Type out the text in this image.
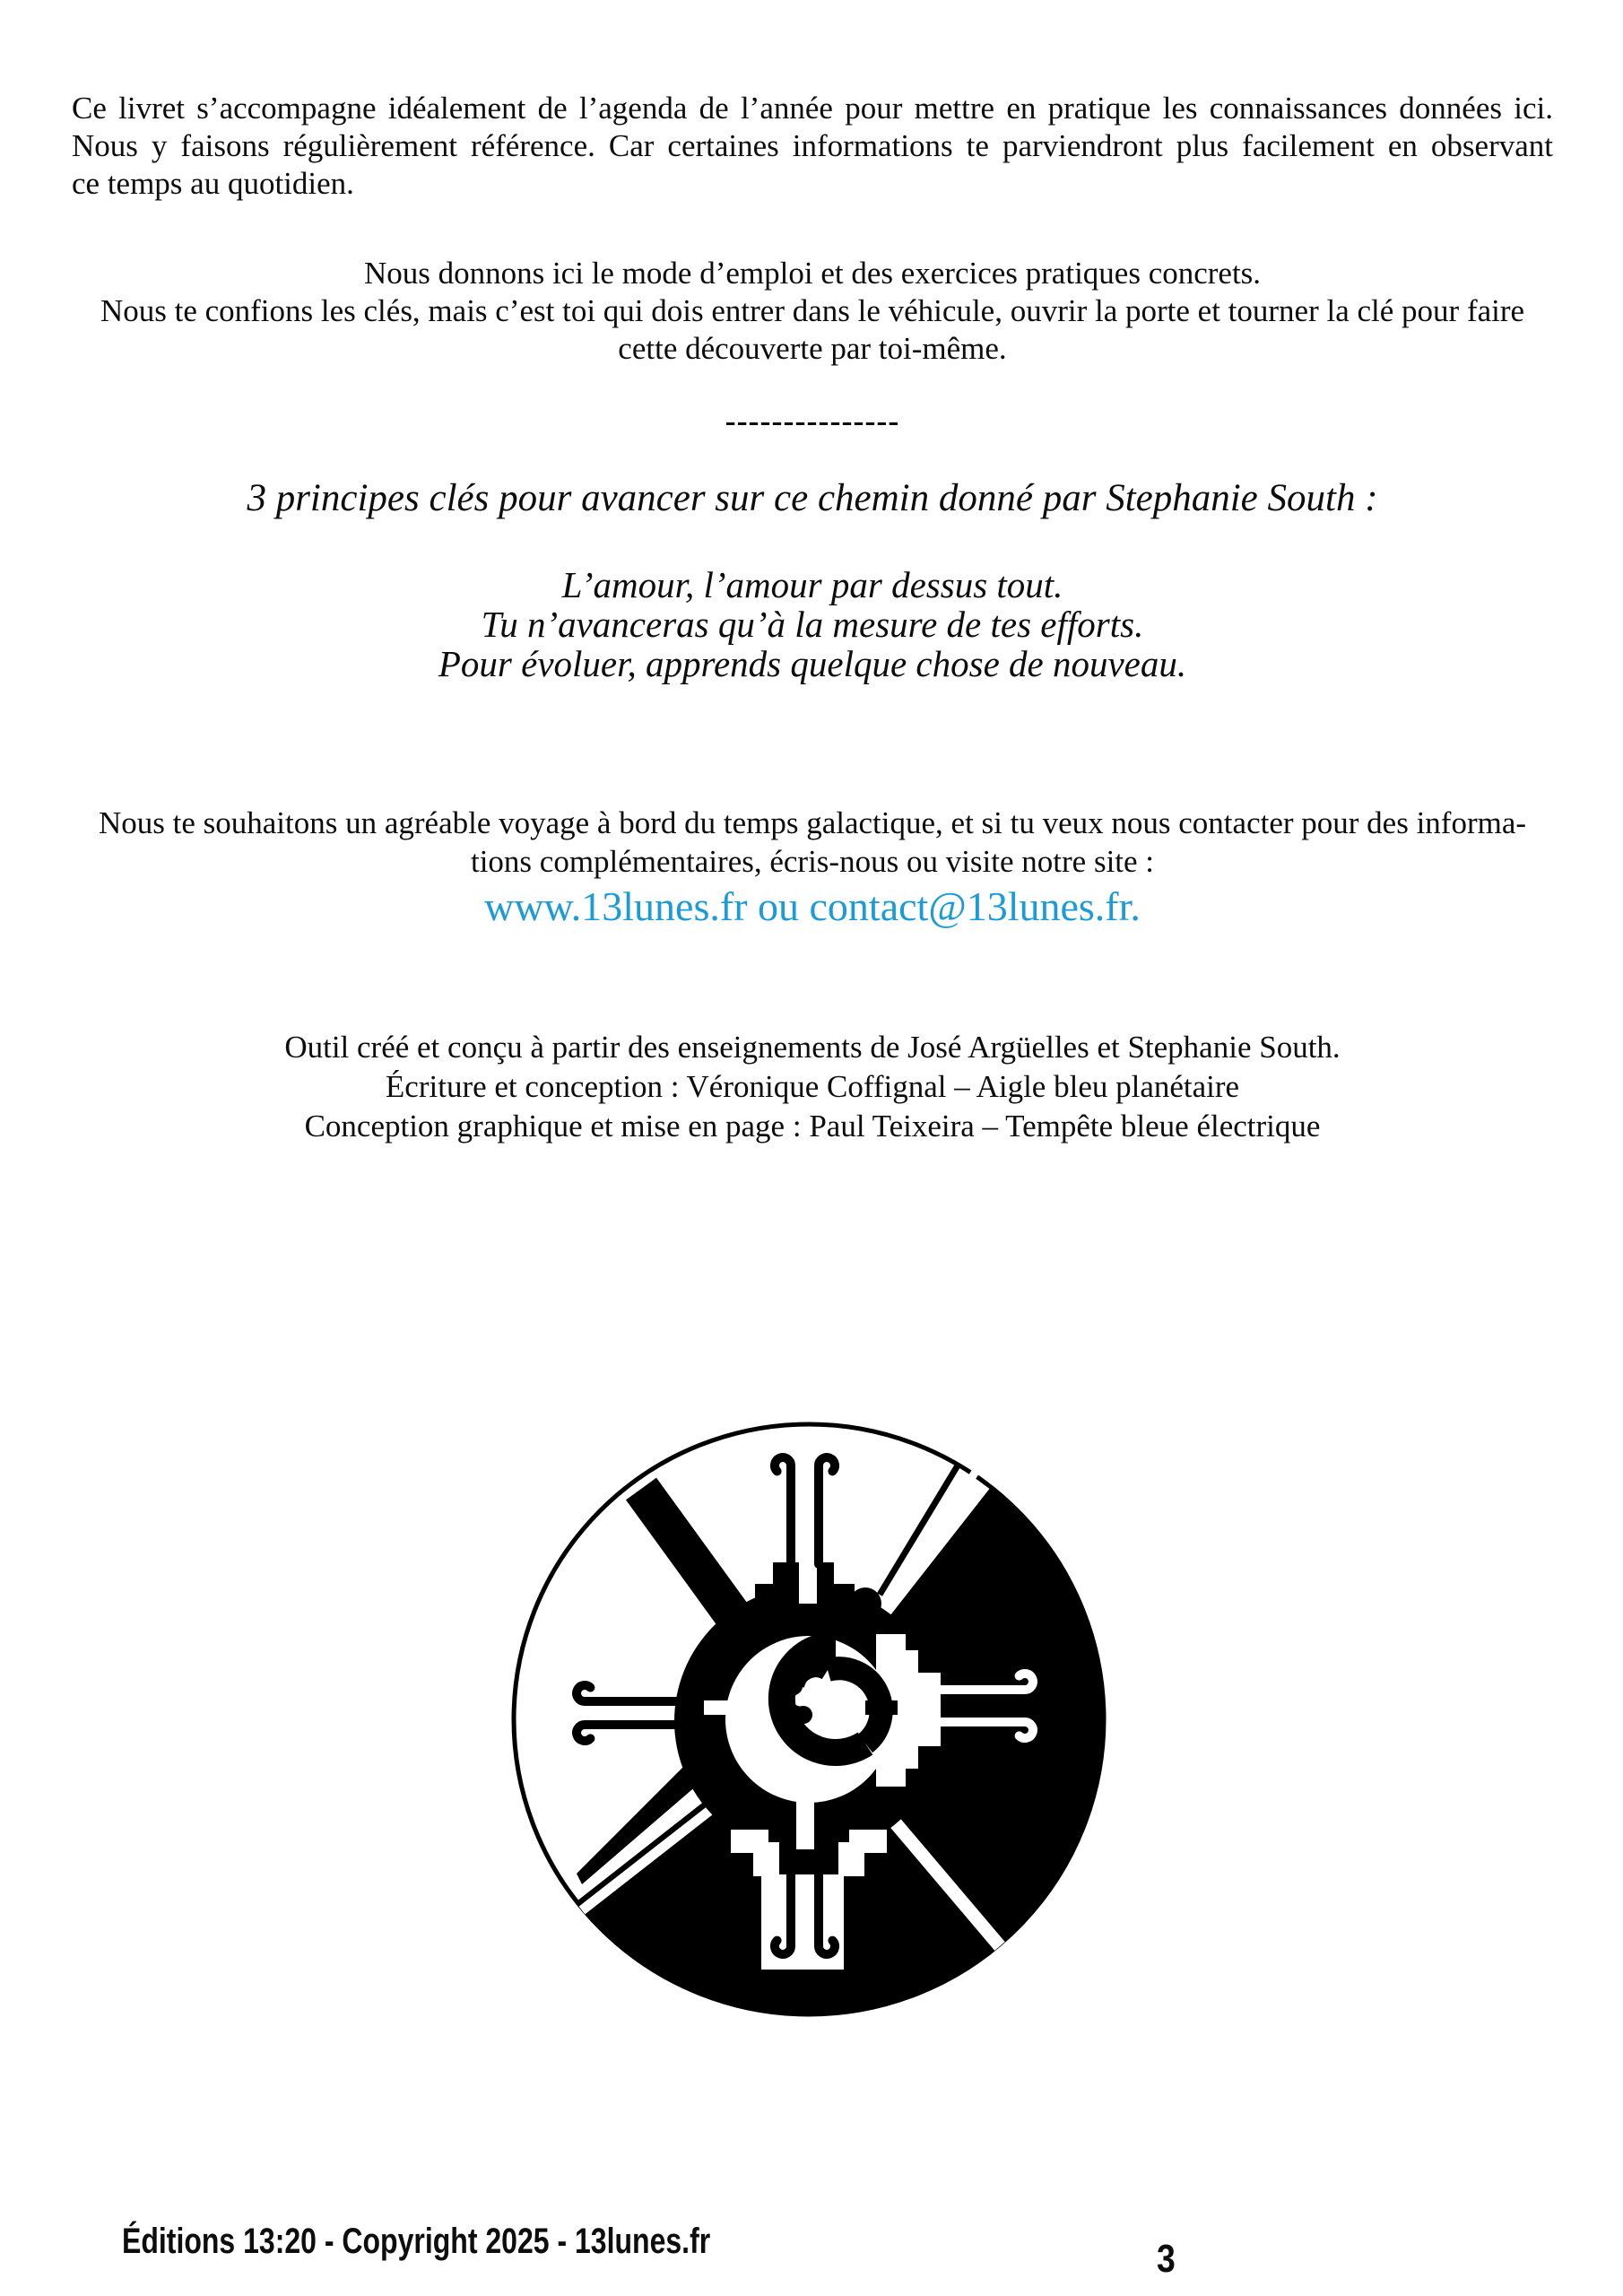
Ce livret s’accompagne idéalement de l’agenda de l’année pour mettre en pratique les connaissances données ici.
Nous y faisons régulièrement référence. Car certaines informations te parviendront plus facilement en observant
ce temps au quotidien.
Nous donnons ici le mode d’emploi et des exercices pratiques concrets.
Nous te confions les clés, mais c’est toi qui dois entrer dans le véhicule, ouvrir la porte et tourner la clé pour faire
cette découverte par toi-même.
---------------
3 principes clés pour avancer sur ce chemin donné par Stephanie South :
L’amour, l’amour par dessus tout.
Tu n’avanceras qu’à la mesure de tes efforts.
Pour évoluer, apprends quelque chose de nouveau.
Nous te souhaitons un agréable voyage à bord du temps galactique, et si tu veux nous contacter pour des informa-
tions complémentaires, écris-nous ou visite notre site :
www.13lunes.fr ou contact@13lunes.fr.
Outil créé et conçu à partir des enseignements de José Argüelles et Stephanie South.
Écriture et conception : Véronique Coffignal – Aigle bleu planétaire
Conception graphique et mise en page : Paul Teixeira – Tempête bleue électrique
Éditions 13:20 - Copyright 2025 - 13lunes.fr	3
